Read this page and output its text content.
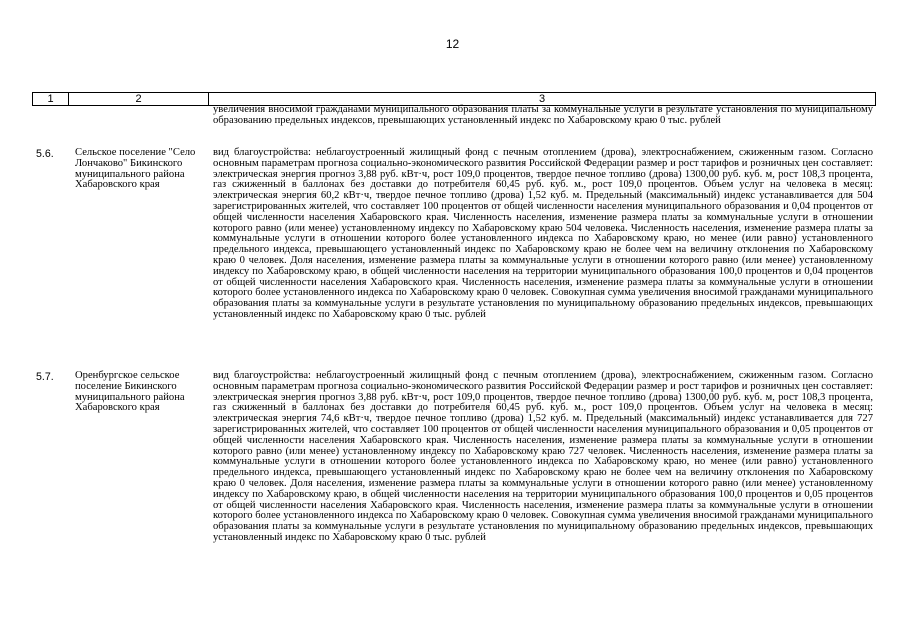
12
1	2	3
увеличения вносимой гражданами муниципального образования платы за коммунальные услуги в результате установления по муниципальному образованию предельных индексов, превышающих установленный индекс по Хабаровскому краю 0 тыс. рублей
5.6. Сельское поселение "Село Лончаково" Бикинского муниципального района Хабаровского края
вид благоустройства: неблагоустроенный жилищный фонд с печным отоплением (дрова), электроснабжением, сжиженным газом. Согласно основным параметрам прогноза социально-экономического развития Российской Федерации размер и рост тарифов и розничных цен составляет: электрическая энергия прогноз 3,88 руб. кВт·ч, рост 109,0 процентов, твердое печное топливо (дрова) 1300,00 руб. куб. м, рост 108,3 процента, газ сжиженный в баллонах без доставки до потребителя 60,45 руб. куб. м., рост 109,0 процентов. Объем услуг на человека в месяц: электрическая энергия 60,2 кВт·ч, твердое печное топливо (дрова) 1,52 куб. м. Предельный (максимальный) индекс устанавливается для 504 зарегистрированных жителей, что составляет 100 процентов от общей численности населения муниципального образования и 0,04 процентов от общей численности населения Хабаровского края. Численность населения, изменение размера платы за коммунальные услуги в отношении которого равно (или менее) установленному индексу по Хабаровскому краю 504 человека. Численность населения, изменение размера платы за коммунальные услуги в отношении которого более установленного индекса по Хабаровскому краю, но менее (или равно) установленного предельного индекса, превышающего установленный индекс по Хабаровскому краю не более чем на величину отклонения по Хабаровскому краю 0 человек. Доля населения, изменение размера платы за коммунальные услуги в отношении которого равно (или менее) установленному индексу по Хабаровскому краю, в общей численности населения на территории муниципального образования 100,0 процентов и 0,04 процентов от общей численности населения Хабаровского края. Численность населения, изменение размера платы за коммунальные услуги в отношении которого более установленного индекса по Хабаровскому краю 0 человек. Совокупная сумма увеличения вносимой гражданами муниципального образования платы за коммунальные услуги в результате установления по муниципальному образованию предельных индексов, превышающих установленный индекс по Хабаровскому краю 0 тыс. рублей
5.7. Оренбургское сельское поселение Бикинского муниципального района Хабаровского края
вид благоустройства: неблагоустроенный жилищный фонд с печным отоплением (дрова), электроснабжением, сжиженным газом. Согласно основным параметрам прогноза социально-экономического развития Российской Федерации размер и рост тарифов и розничных цен составляет: электрическая энергия прогноз 3,88 руб. кВт·ч, рост 109,0 процентов, твердое печное топливо (дрова) 1300,00 руб. куб. м, рост 108,3 процента, газ сжиженный в баллонах без доставки до потребителя 60,45 руб. куб. м., рост 109,0 процентов. Объем услуг на человека в месяц: электрическая энергия 74,6 кВт·ч, твердое печное топливо (дрова) 1,52 куб. м. Предельный (максимальный) индекс устанавливается для 727 зарегистрированных жителей, что составляет 100 процентов от общей численности населения муниципального образования и 0,05 процентов от общей численности населения Хабаровского края. Численность населения, изменение размера платы за коммунальные услуги в отношении которого равно (или менее) установленному индексу по Хабаровскому краю 727 человек. Численность населения, изменение размера платы за коммунальные услуги в отношении которого более установленного индекса по Хабаровскому краю, но менее (или равно) установленного предельного индекса, превышающего установленный индекс по Хабаровскому краю не более чем на величину отклонения по Хабаровскому краю 0 человек. Доля населения, изменение размера платы за коммунальные услуги в отношении которого равно (или менее) установленному индексу по Хабаровскому краю, в общей численности населения на территории муниципального образования 100,0 процентов и 0,05 процентов от общей численности населения Хабаровского края. Численность населения, изменение размера платы за коммунальные услуги в отношении которого более установленного индекса по Хабаровскому краю 0 человек. Совокупная сумма увеличения вносимой гражданами муниципального образования платы за коммунальные услуги в результате установления по муниципальному образованию предельных индексов, превышающих установленный индекс по Хабаровскому краю 0 тыс. рублей
